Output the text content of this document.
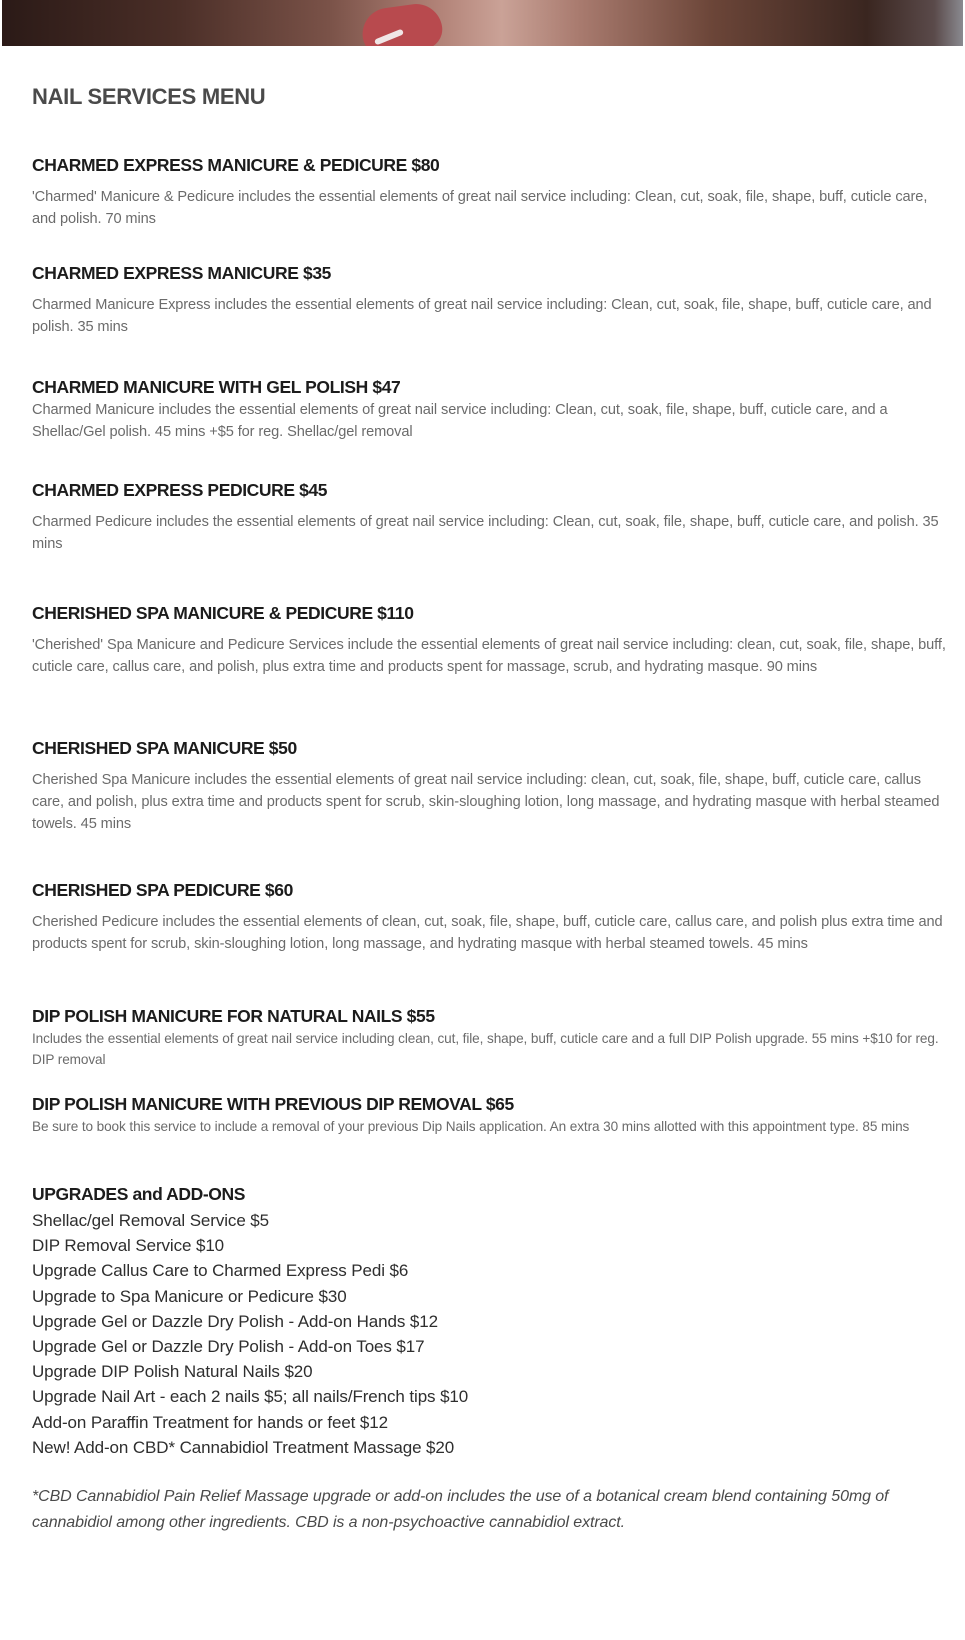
NAIL SERVICES MENU
CHARMED EXPRESS MANICURE & PEDICURE $80

'Charmed' Manicure & Pedicure includes the essential elements of great nail service including: Clean, cut, soak, file, shape, buff, cuticle care, and polish. 70 mins

CHARMED EXPRESS MANICURE $35

Charmed Manicure Express includes the essential elements of great nail service including: Clean, cut, soak, file, shape, buff, cuticle care, and polish. 35 mins

CHARMED MANICURE WITH GEL POLISH $47

Charmed Manicure includes the essential elements of great nail service including: Clean, cut, soak, file, shape, buff, cuticle care, and a Shellac/Gel polish. 45 mins +$5 for reg. Shellac/gel removal

CHARMED EXPRESS PEDICURE $45

Charmed Pedicure includes the essential elements of great nail service including: Clean, cut, soak, file, shape, buff, cuticle care, and polish. 35 mins

CHERISHED SPA MANICURE & PEDICURE $110

'Cherished' Spa Manicure and Pedicure Services include the essential elements of great nail service including: clean, cut, soak, file, shape, buff, cuticle care, callus care, and polish, plus extra time and products spent for massage, scrub, and hydrating masque. 90 mins

CHERISHED SPA MANICURE $50

Cherished Spa Manicure includes the essential elements of great nail service including: clean, cut, soak, file, shape, buff, cuticle care, callus care, and polish, plus extra time and products spent for scrub, skin-sloughing lotion, long massage, and hydrating masque with herbal steamed towels. 45 mins

CHERISHED SPA PEDICURE $60

Cherished Pedicure includes the essential elements of clean, cut, soak, file, shape, buff, cuticle care, callus care, and polish plus extra time and products spent for scrub, skin-sloughing lotion, long massage, and hydrating masque with herbal steamed towels. 45 mins

DIP POLISH MANICURE FOR NATURAL NAILS $55

Includes the essential elements of great nail service including clean, cut, file, shape, buff, cuticle care and a full DIP Polish upgrade. 55 mins +$10 for reg. DIP removal

DIP POLISH MANICURE WITH PREVIOUS DIP REMOVAL $65

Be sure to book this service to include a removal of your previous Dip Nails application. An extra 30 mins allotted with this appointment type. 85 mins

UPGRADES and ADD-ONS
Shellac/gel Removal Service $5
DIP Removal Service $10
Upgrade Callus Care to Charmed Express Pedi $6
Upgrade to Spa Manicure or Pedicure $30
Upgrade Gel or Dazzle Dry Polish - Add-on Hands $12
Upgrade Gel or Dazzle Dry Polish - Add-on Toes $17
Upgrade DIP Polish Natural Nails $20
Upgrade Nail Art - each 2 nails $5; all nails/French tips $10
Add-on Paraffin Treatment for hands or feet $12
New! Add-on CBD* Cannabidiol Treatment Massage $20

*CBD Cannabidiol Pain Relief Massage upgrade or add-on includes the use of a botanical cream blend containing 50mg of cannabidiol among other ingredients. CBD is a non-psychoactive cannabidiol extract.
